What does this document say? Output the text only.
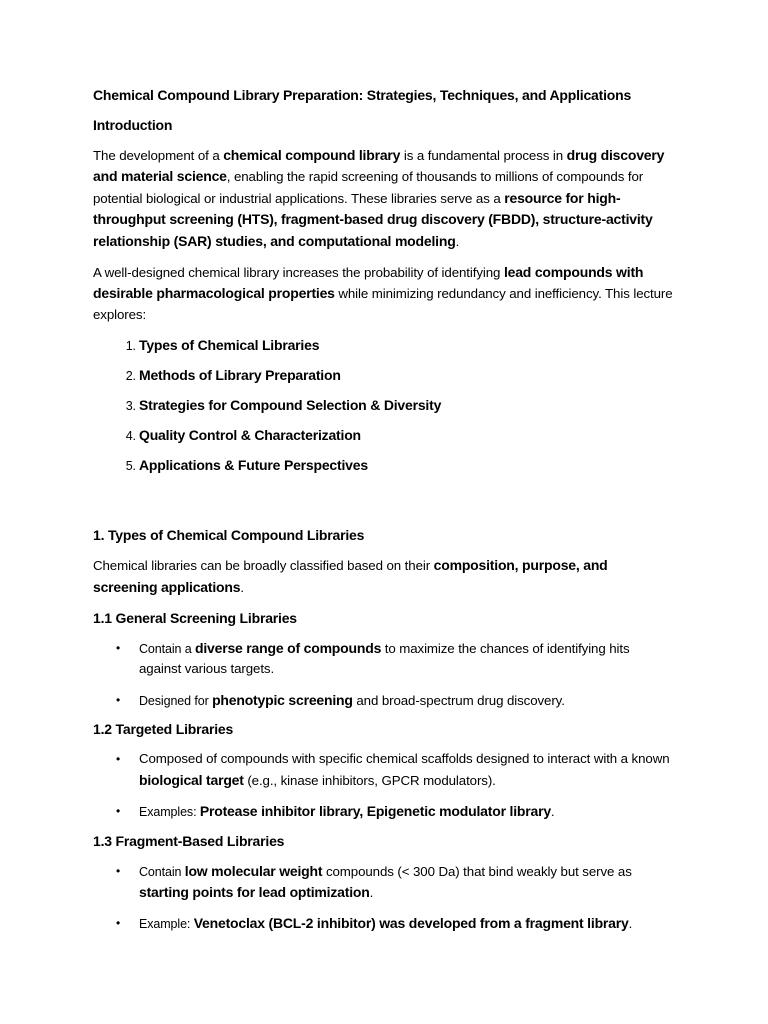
Chemical Compound Library Preparation: Strategies, Techniques, and Applications

Introduction

The development of a chemical compound library is a fundamental process in drug discovery and material science, enabling the rapid screening of thousands to millions of compounds for potential biological or industrial applications. These libraries serve as a resource for high-throughput screening (HTS), fragment-based drug discovery (FBDD), structure-activity relationship (SAR) studies, and computational modeling.

A well-designed chemical library increases the probability of identifying lead compounds with desirable pharmacological properties while minimizing redundancy and inefficiency. This lecture explores:

1. Types of Chemical Libraries
2. Methods of Library Preparation
3. Strategies for Compound Selection & Diversity
4. Quality Control & Characterization
5. Applications & Future Perspectives

1. Types of Chemical Compound Libraries

Chemical libraries can be broadly classified based on their composition, purpose, and screening applications.

1.1 General Screening Libraries

• Contain a diverse range of compounds to maximize the chances of identifying hits against various targets.
• Designed for phenotypic screening and broad-spectrum drug discovery.

1.2 Targeted Libraries

• Composed of compounds with specific chemical scaffolds designed to interact with a known biological target (e.g., kinase inhibitors, GPCR modulators).
• Examples: Protease inhibitor library, Epigenetic modulator library.

1.3 Fragment-Based Libraries

• Contain low molecular weight compounds (< 300 Da) that bind weakly but serve as starting points for lead optimization.
• Example: Venetoclax (BCL-2 inhibitor) was developed from a fragment library.
